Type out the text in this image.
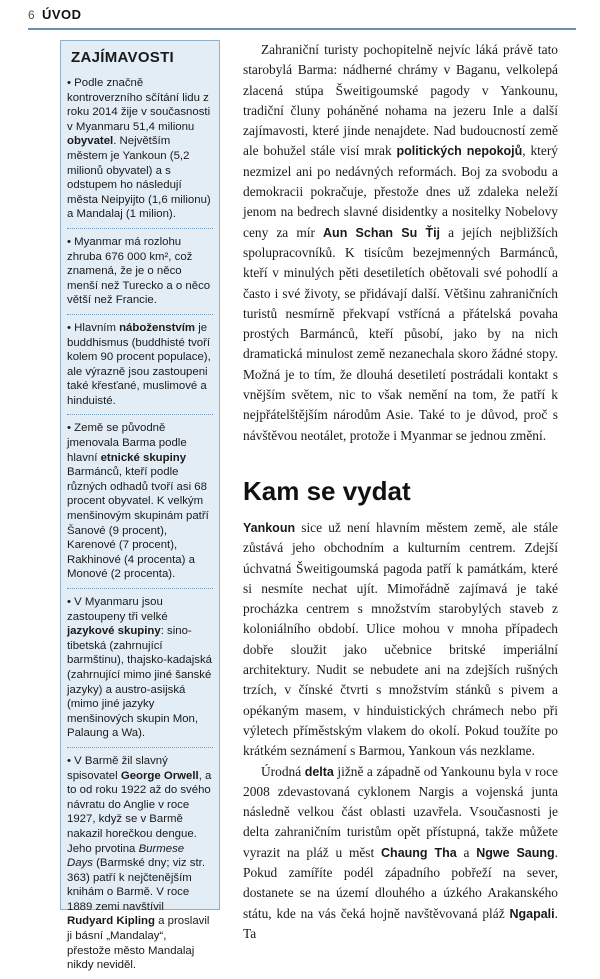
6 ÚVOD
ZAJÍMAVOSTI
• Podle značně kontroverzního sčítání lidu z roku 2014 žije v současnosti v Myanmaru 51,4 milionu obyvatel. Největším městem je Yankoun (5,2 milionů obyvatel) a s odstupem ho následují města Neipyijto (1,6 milionu) a Mandalaj (1 milion).
• Myanmar má rozlohu zhruba 676 000 km², což znamená, že je o něco menší než Turecko a o něco větší než Francie.
• Hlavním náboženstvím je buddhismus (buddhisté tvoří kolem 90 procent populace), ale výrazně jsou zastoupeni také křesťané, muslimové a hinduisté.
• Země se původně jmenovala Barma podle hlavní etnické skupiny Barmánců, kteří podle různých odhadů tvoří asi 68 procent obyvatel. K velkým menšinovým skupinám patří Šanové (9 procent), Karenové (7 procent), Rakhinové (4 procenta) a Monové (2 procenta).
• V Myanmaru jsou zastoupeny tři velké jazykové skupiny: sino-tibetská (zahrnující barmštinu), thajsko-kadajská (zahrnující mimo jiné šanské jazyky) a austro-asijská (mimo jiné jazyky menšinových skupin Mon, Palaung a Wa).
• V Barmě žil slavný spisovatel George Orwell, a to od roku 1922 až do svého návratu do Anglie v roce 1927, když se v Barmě nakazil horečkou dengue. Jeho prvotina Burmese Days (Barmské dny; viz str. 363) patří k nejčtenějším knihám o Barmě. V roce 1889 zemi navštívil Rudyard Kipling a proslavil ji básní „Mandalay“, přestože město Mandalaj nikdy neviděl.

Zahraniční turisty pochopitelně nejvíc láká právě tato starobylá Barma: nádherné chrámy v Baganu, velkolepá zlacená stúpa Šweitigoumské pagody v Yankounu, tradiční čluny poháněné nohama na jezeru Inle a další zajímavosti, které jinde nenajdete. Nad budoucností země ale bohužel stále visí mrak politických nepokojů, který nezmizel ani po nedávných reformách. Boj za svobodu a demokracii pokračuje, přestože dnes už zdaleka neleží jenom na bedrech slavné disidentky a nositelky Nobelovy ceny za mír Aun Schan Su Ťij a jejích nejbližších spolupracovníků. K tisícům bezejmenných Barmánců, kteří v minulých pěti desetiletích obětovali své pohodlí a často i své životy, se přidávají další. Většinu zahraničních turistů nesmírně překvapí vstřícná a přátelská povaha prostých Barmánců, kteří působí, jako by na nich dramatická minulost země nezanechala skoro žádné stopy. Možná je to tím, že dlouhá desetiletí postrádali kontakt s vnějším světem, nic to však nemění na tom, že patří k nejpřátelštějším národům Asie. Také to je důvod, proč s návštěvou neotálet, protože i Myanmar se jednou změní.

Kam se vydat

Yankoun sice už není hlavním městem země, ale stále zůstává jeho obchodním a kulturním centrem. Zdejší úchvatná Šweitigoumská pagoda patří k památkám, které si nesmíte nechat ujít. Mimořádně zajímavá je také procházka centrem s množstvím starobylých staveb z koloniálního období. Ulice mohou v mnoha případech dobře sloužit jako učebnice britské imperiální architektury. Nudit se nebudete ani na zdejších rušných trzích, v čínské čtvrti s množstvím stánků s pivem a opékaným masem, v hinduistických chrámech nebo při výletech příměstským vlakem do okolí. Pokud toužíte po krátkém seznámení s Barmou, Yankoun vás nezklame.

Úrodná delta jižně a západně od Yankounu byla v roce 2008 zdevastovaná cyklonem Nargis a vojenská junta následně velkou část oblasti uzavřela. Vsoučasnosti je delta zahraničním turistům opět přístupná, takže můžete vyrazit na pláž u měst Chaung Tha a Ngwe Saung. Pokud zamíříte podél západního pobřeží na sever, dostanete se na území dlouhého a úzkého Arakanského státu, kde na vás čeká hojně navštěvovaná pláž Ngapali. Ta
